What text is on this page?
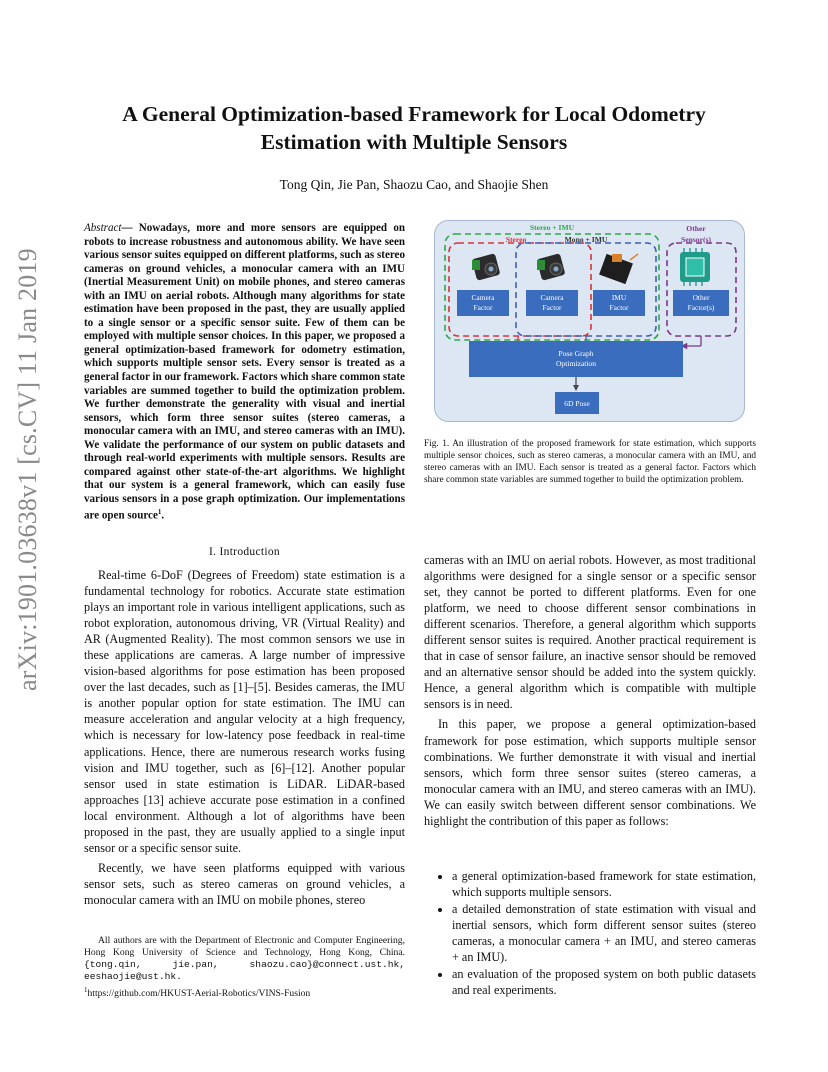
arXiv:1901.03638v1 [cs.CV] 11 Jan 2019
A General Optimization-based Framework for Local Odometry Estimation with Multiple Sensors
Tong Qin, Jie Pan, Shaozu Cao, and Shaojie Shen
Abstract— Nowadays, more and more sensors are equipped on robots to increase robustness and autonomous ability. We have seen various sensor suites equipped on different platforms, such as stereo cameras on ground vehicles, a monocular camera with an IMU (Inertial Measurement Unit) on mobile phones, and stereo cameras with an IMU on aerial robots. Although many algorithms for state estimation have been proposed in the past, they are usually applied to a single sensor or a specific sensor suite. Few of them can be employed with multiple sensor choices. In this paper, we proposed a general optimization-based framework for odometry estimation, which supports multiple sensor sets. Every sensor is treated as a general factor in our framework. Factors which share common state variables are summed together to build the optimization problem. We further demonstrate the generality with visual and inertial sensors, which form three sensor suites (stereo cameras, a monocular camera with an IMU, and stereo cameras with an IMU). We validate the performance of our system on public datasets and through real-world experiments with multiple sensors. Results are compared against other state-of-the-art algorithms. We highlight that our system is a general framework, which can easily fuse various sensors in a pose graph optimization. Our implementations are open source$^1$.
Stereo + IMU
Stereo	Mono + IMU
Other
Sensor(s)
Camera
Factor
Camera
Factor
IMU
Factor
Other
Factor(s)
Pose Graph
Optimization
6D Pose
Fig. 1. An illustration of the proposed framework for state estimation, which supports multiple sensor choices, such as stereo cameras, a monocular camera with an IMU, and stereo cameras with an IMU. Each sensor is treated as a general factor. Factors which share common state variables are summed together to build the optimization problem.
I. Introduction

Real-time 6-DoF (Degrees of Freedom) state estimation is a fundamental technology for robotics. Accurate state estimation plays an important role in various intelligent applications, such as robot exploration, autonomous driving, VR (Virtual Reality) and AR (Augmented Reality). The most common sensors we use in these applications are cameras. A large number of impressive vision-based algorithms for pose estimation has been proposed over the last decades, such as [1]–[5]. Besides cameras, the IMU is another popular option for state estimation. The IMU can measure acceleration and angular velocity at a high frequency, which is necessary for low-latency pose feedback in real-time applications. Hence, there are numerous research works fusing vision and IMU together, such as [6]–[12]. Another popular sensor used in state estimation is LiDAR. LiDAR-based approaches [13] achieve accurate pose estimation in a confined local environment. Although a lot of algorithms have been proposed in the past, they are usually applied to a single input sensor or a specific sensor suite.

Recently, we have seen platforms equipped with various sensor sets, such as stereo cameras on ground vehicles, a monocular camera with an IMU on mobile phones, stereo

cameras with an IMU on aerial robots. However, as most traditional algorithms were designed for a single sensor or a specific sensor set, they cannot be ported to different platforms. Even for one platform, we need to choose different sensor combinations in different scenarios. Therefore, a general algorithm which supports different sensor suites is required. Another practical requirement is that in case of sensor failure, an inactive sensor should be removed and an alternative sensor should be added into the system quickly. Hence, a general algorithm which is compatible with multiple sensors is in need.

In this paper, we propose a general optimization-based framework for pose estimation, which supports multiple sensor combinations. We further demonstrate it with visual and inertial sensors, which form three sensor suites (stereo cameras, a monocular camera with an IMU, and stereo cameras with an IMU). We can easily switch between different sensor combinations. We highlight the contribution of this paper as follows:

• a general optimization-based framework for state estimation, which supports multiple sensors.
• a detailed demonstration of state estimation with visual and inertial sensors, which form different sensor suites (stereo cameras, a monocular camera + an IMU, and stereo cameras + an IMU).
• an evaluation of the proposed system on both public datasets and real experiments.
All authors are with the Department of Electronic and Computer Engineering, Hong Kong University of Science and Technology, Hong Kong, China. {tong.qin, jie.pan, shaozu.cao}@connect.ust.hk, eeshaojie@ust.hk.
$^1$https://github.com/HKUST-Aerial-Robotics/VINS-Fusion
